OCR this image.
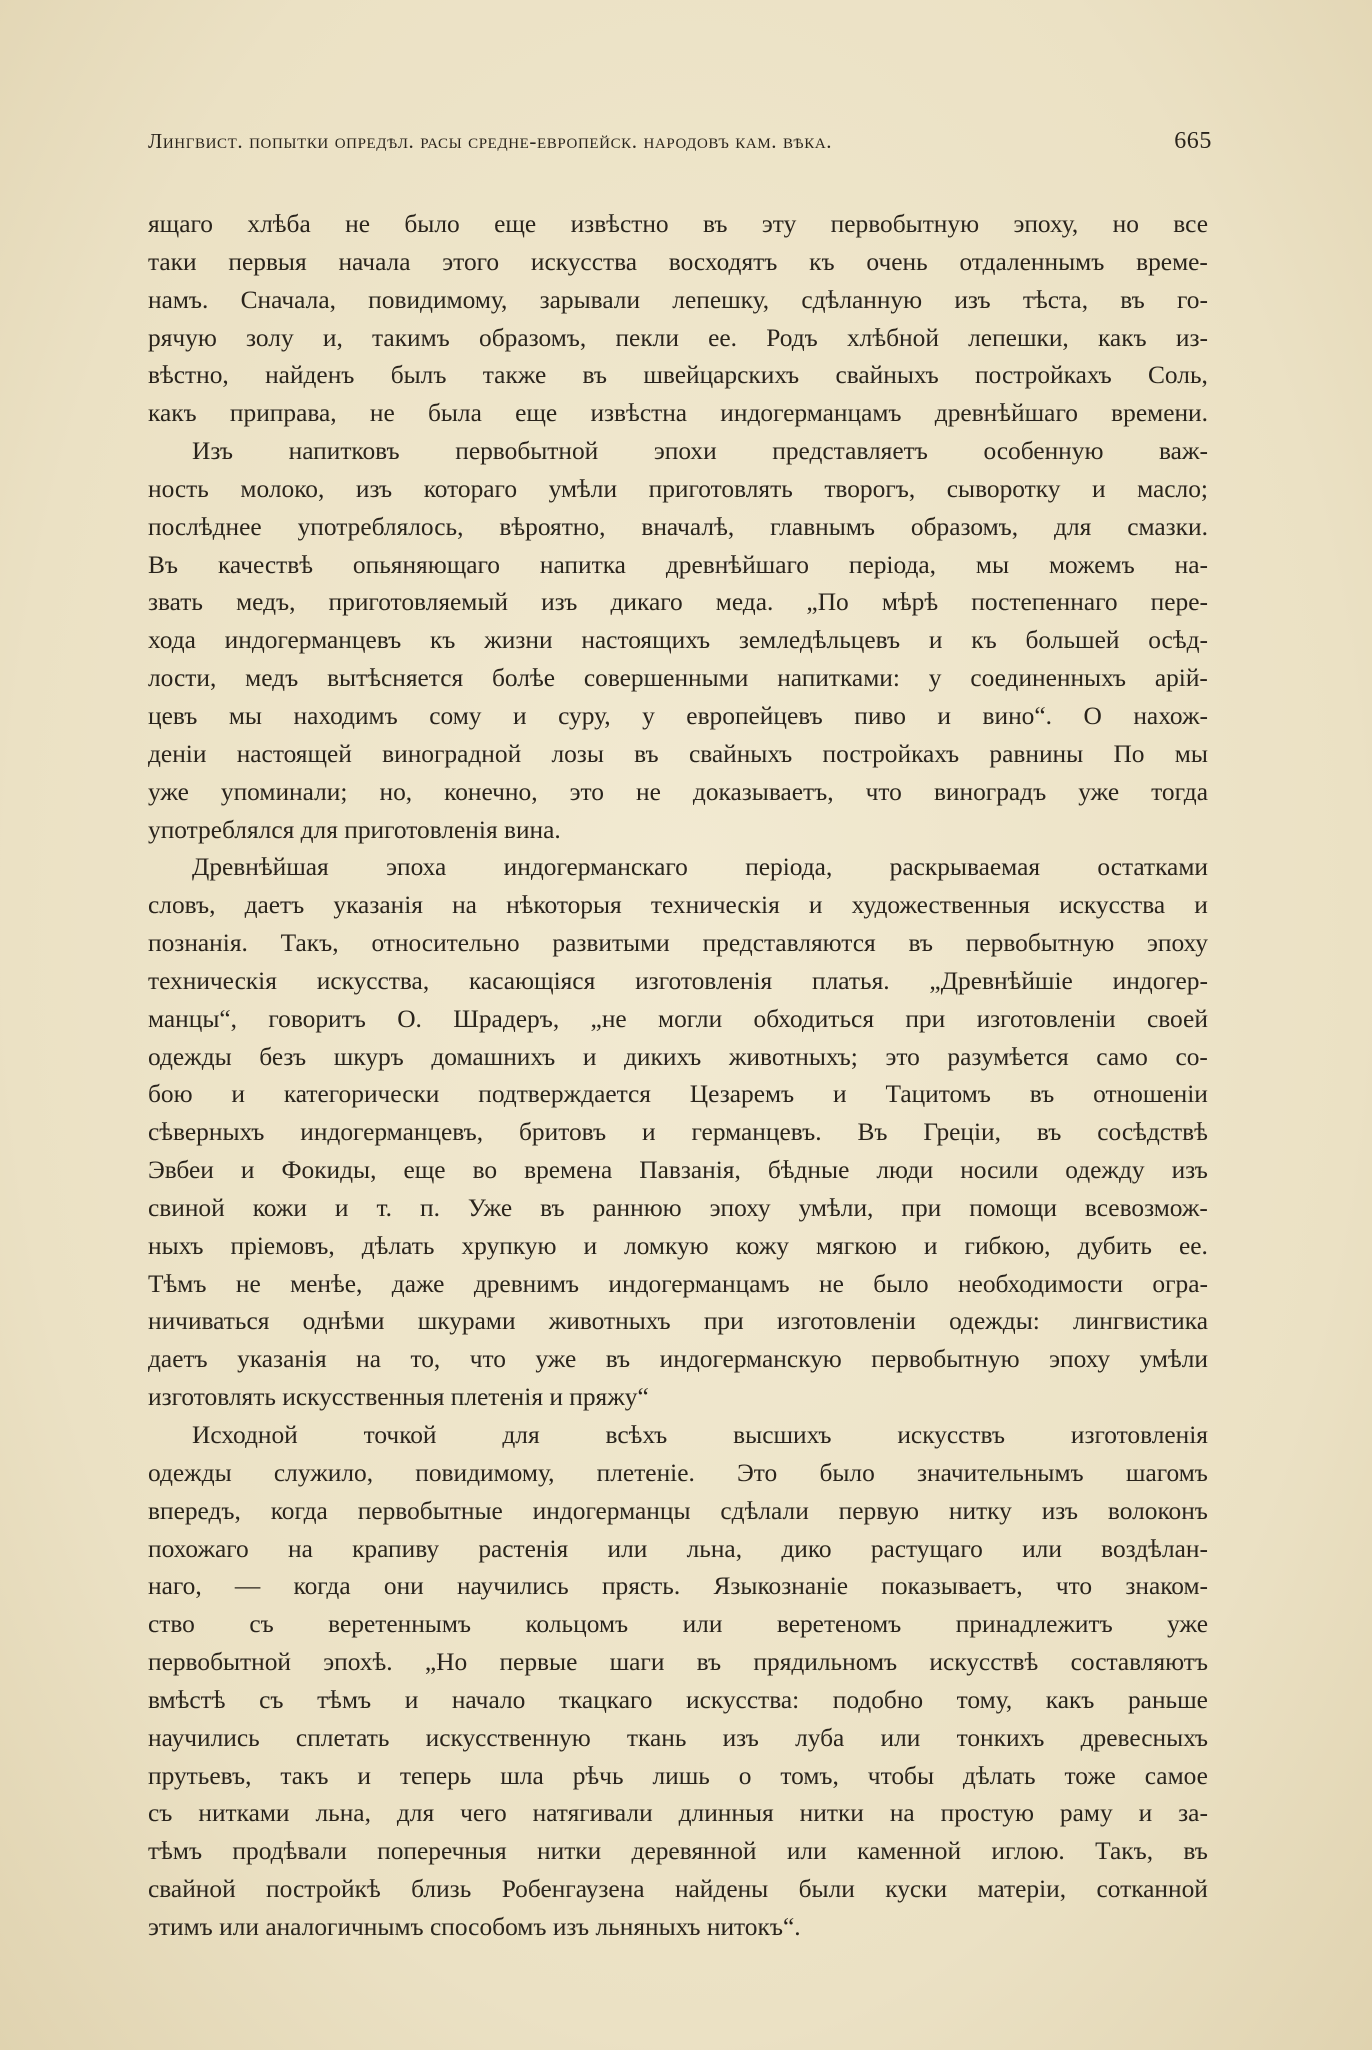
Лингвист. попытки опредѣл. расы средне-европейск. народовъ кам. вѣка.	665
ящаго хлѣба не было еще извѣстно въ эту первобытную эпоху, но все
таки первыя начала этого искусства восходятъ къ очень отдаленнымъ време-
намъ. Сначала, повидимому, зарывали лепешку, сдѣланную изъ тѣста, въ го-
рячую золу и, такимъ образомъ, пекли ее. Родъ хлѣбной лепешки, какъ из-
вѣстно, найденъ былъ также въ швейцарскихъ свайныхъ постройкахъ Соль,
какъ приправа, не была еще извѣстна индогерманцамъ древнѣйшаго времени.
Изъ напитковъ первобытной эпохи представляетъ особенную важ-
ность молоко, изъ котораго умѣли приготовлять творогъ, сыворотку и масло;
послѣднее употреблялось, вѣроятно, вначалѣ, главнымъ образомъ, для смазки.
Въ качествѣ опьяняющаго напитка древнѣйшаго періода, мы можемъ на-
звать медъ, приготовляемый изъ дикаго меда. „По мѣрѣ постепеннаго пере-
хода индогерманцевъ къ жизни настоящихъ земледѣльцевъ и къ большей осѣд-
лости, медъ вытѣсняется болѣе совершенными напитками: у соединенныхъ арій-
цевъ мы находимъ сому и суру, у европейцевъ пиво и вино“. О нахож-
деніи настоящей виноградной лозы въ свайныхъ постройкахъ равнины По мы
уже упоминали; но, конечно, это не доказываетъ, что виноградъ уже тогда
употреблялся для приготовленія вина.
Древнѣйшая эпоха индогерманскаго періода, раскрываемая остатками
словъ, даетъ указанія на нѣкоторыя техническія и художественныя искусства и
познанія. Такъ, относительно развитыми представляются въ первобытную эпоху
техническія искусства, касающіяся изготовленія платья. „Древнѣйшіе индогер-
манцы“, говоритъ О. Шрадеръ, „не могли обходиться при изготовленіи своей
одежды безъ шкуръ домашнихъ и дикихъ животныхъ; это разумѣется само со-
бою и категорически подтверждается Цезаремъ и Тацитомъ въ отношеніи
сѣверныхъ индогерманцевъ, бритовъ и германцевъ. Въ Греціи, въ сосѣдствѣ
Эвбеи и Фокиды, еще во времена Павзанія, бѣдные люди носили одежду изъ
свиной кожи и т. п. Уже въ раннюю эпоху умѣли, при помощи всевозмож-
ныхъ пріемовъ, дѣлать хрупкую и ломкую кожу мягкою и гибкою, дубить ее.
Тѣмъ не менѣе, даже древнимъ индогерманцамъ не было необходимости огра-
ничиваться однѣми шкурами животныхъ при изготовленіи одежды: лингвистика
даетъ указанія на то, что уже въ индогерманскую первобытную эпоху умѣли
изготовлять искусственныя плетенія и пряжу“
Исходной	точкой	для	всѣхъ	высшихъ	искусствъ	изготовленія
одежды служило, повидимому, плетеніе. Это было значительнымъ шагомъ
впередъ, когда первобытные индогерманцы сдѣлали первую нитку изъ волоконъ
похожаго на крапиву растенія или льна, дико растущаго или воздѣлан-
наго, — когда они научились прясть. Языкознаніе показываетъ, что знаком-
ство съ веретеннымъ кольцомъ или веретеномъ принадлежитъ уже
первобытной эпохѣ. „Но первые шаги въ прядильномъ искусствѣ составляютъ
вмѣстѣ съ тѣмъ и начало ткацкаго искусства: подобно тому, какъ раньше
научились сплетать искусственную ткань изъ луба или тонкихъ древесныхъ
прутьевъ, такъ и теперь шла рѣчь лишь о томъ, чтобы дѣлать тоже самое
съ нитками льна, для чего натягивали длинныя нитки на простую раму и за-
тѣмъ продѣвали поперечныя нитки деревянной или каменной иглою. Такъ, въ
свайной постройкѣ близь Робенгаузена найдены были куски матеріи, сотканной
этимъ или аналогичнымъ способомъ изъ льняныхъ нитокъ“.
